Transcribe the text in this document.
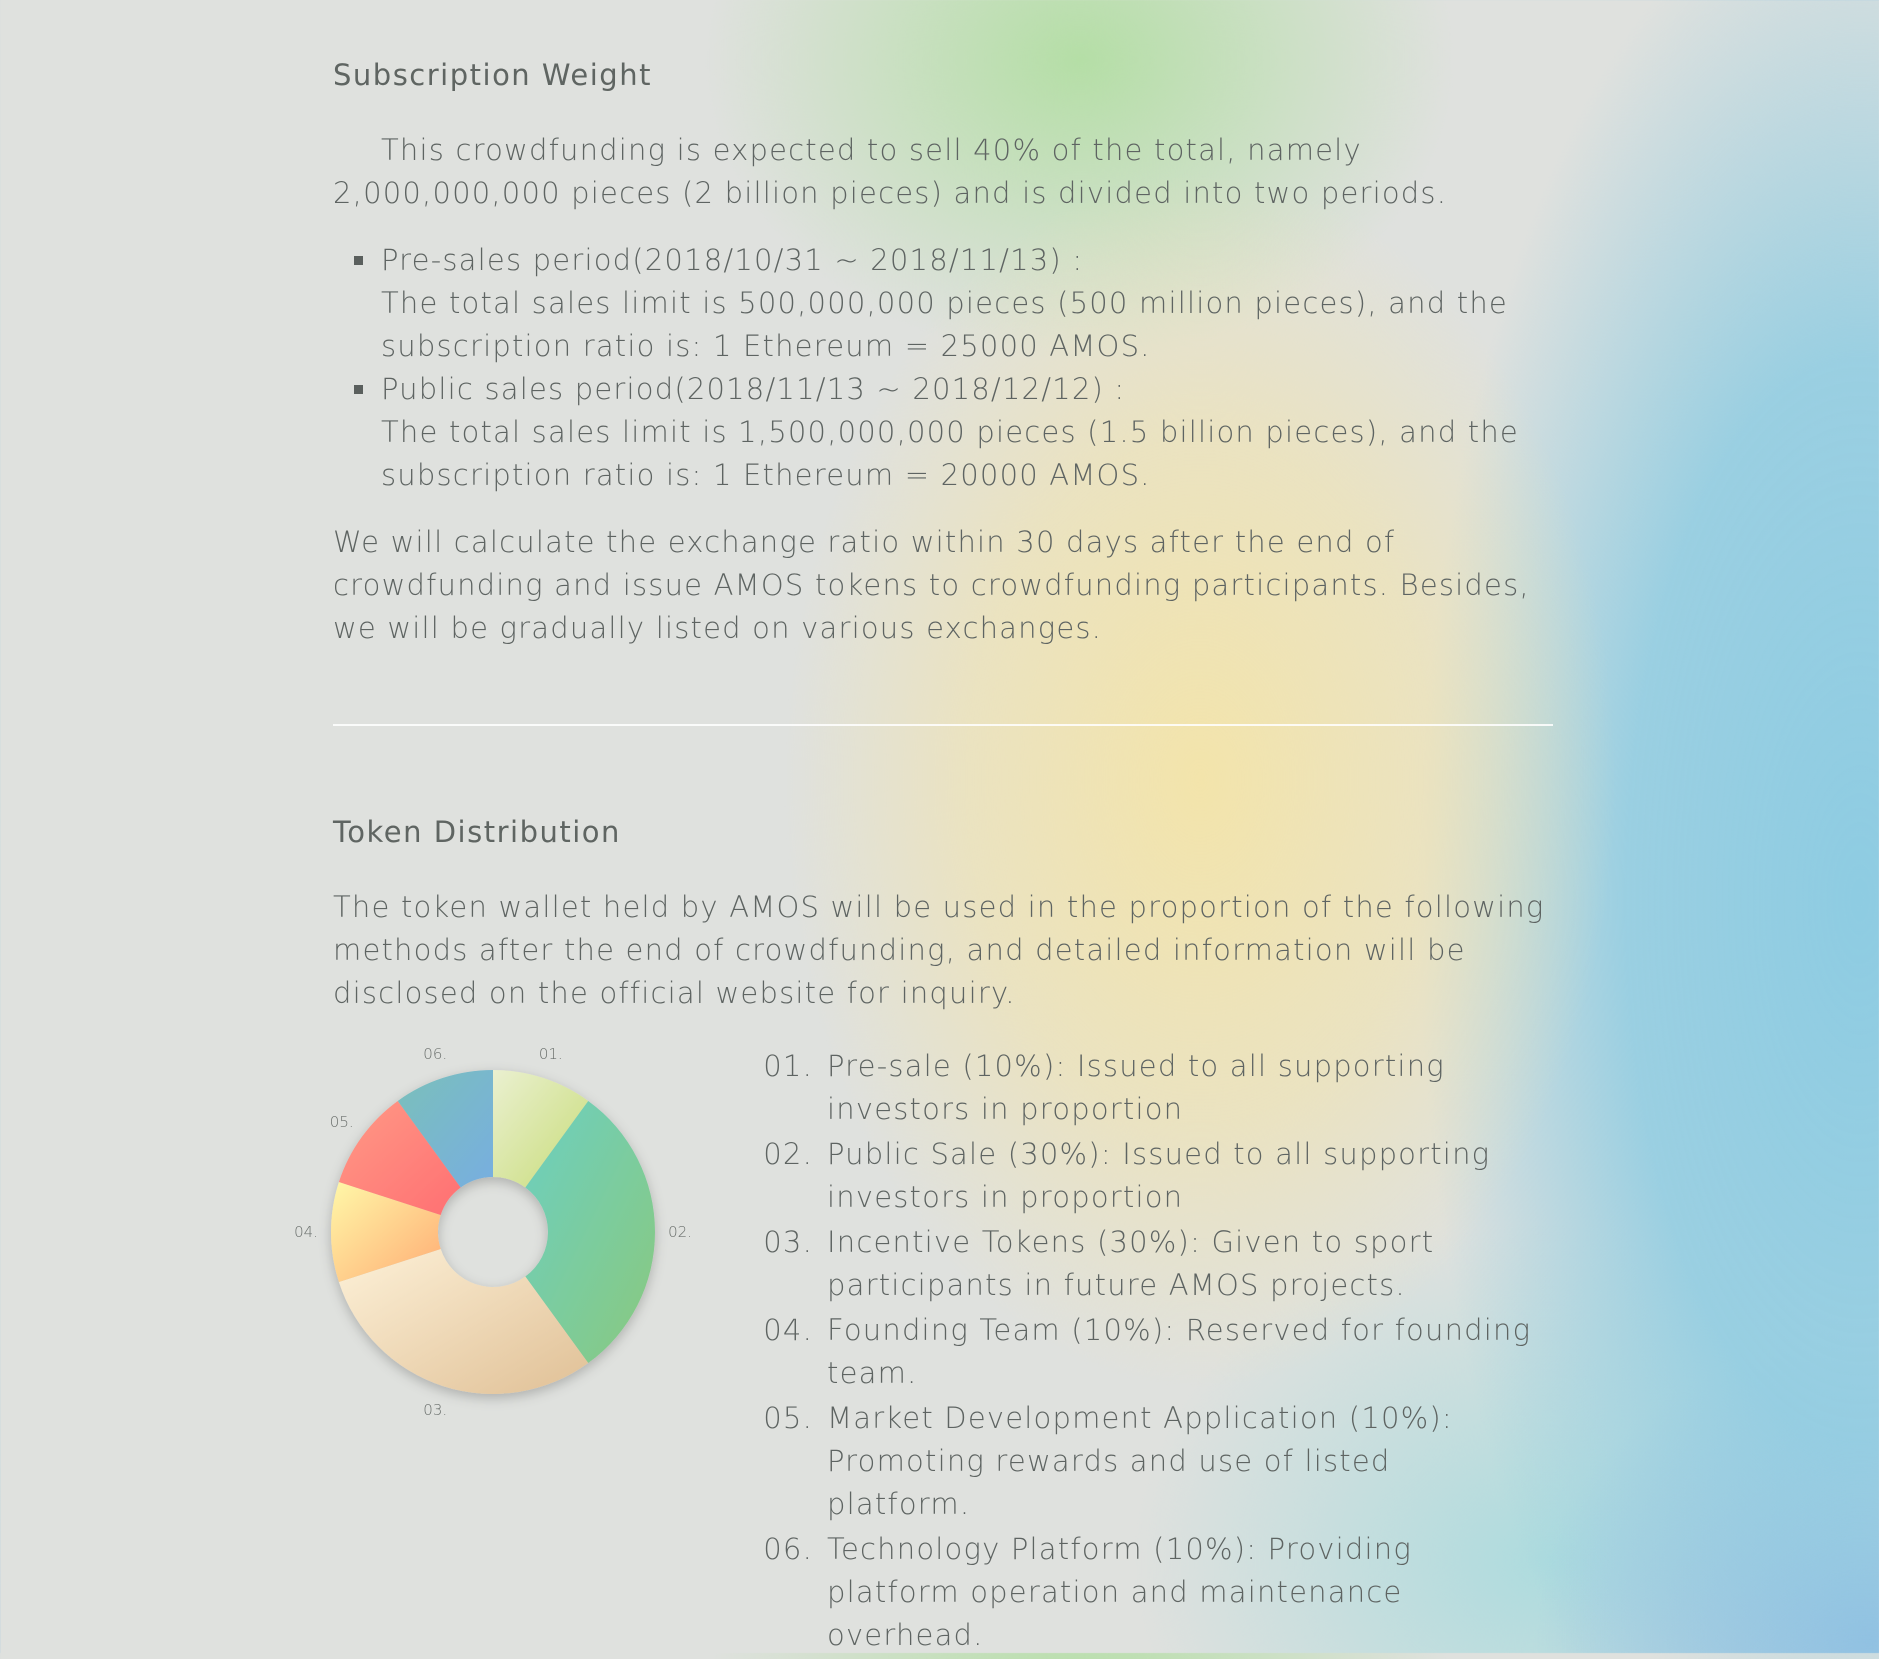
Subscription Weight

This crowdfunding is expected to sell 40% of the total, namely 2,000,000,000 pieces (2 billion pieces) and is divided into two periods.

Pre-sales period(2018/10/31 ~ 2018/11/13) :
The total sales limit is 500,000,000 pieces (500 million pieces), and the subscription ratio is: 1 Ethereum = 25000 AMOS.
Public sales period(2018/11/13 ~ 2018/12/12) :
The total sales limit is 1,500,000,000 pieces (1.5 billion pieces), and the subscription ratio is: 1 Ethereum = 20000 AMOS.

We will calculate the exchange ratio within 30 days after the end of crowdfunding and issue AMOS tokens to crowdfunding participants. Besides, we will be gradually listed on various exchanges.

Token Distribution

The token wallet held by AMOS will be used in the proportion of the following methods after the end of crowdfunding, and detailed information will be disclosed on the official website for inquiry.

01.
02.
03.
04.
05.
06.	01. Pre-sale (10%): Issued to all supporting investors in proportion
02. Public Sale (30%): Issued to all supporting investors in proportion
03. Incentive Tokens (30%): Given to sport participants in future AMOS projects.
04. Founding Team (10%): Reserved for founding team.
05. Market Development Application (10%): Promoting rewards and use of listed platform.
06. Technology Platform (10%): Providing platform operation and maintenance overhead.
